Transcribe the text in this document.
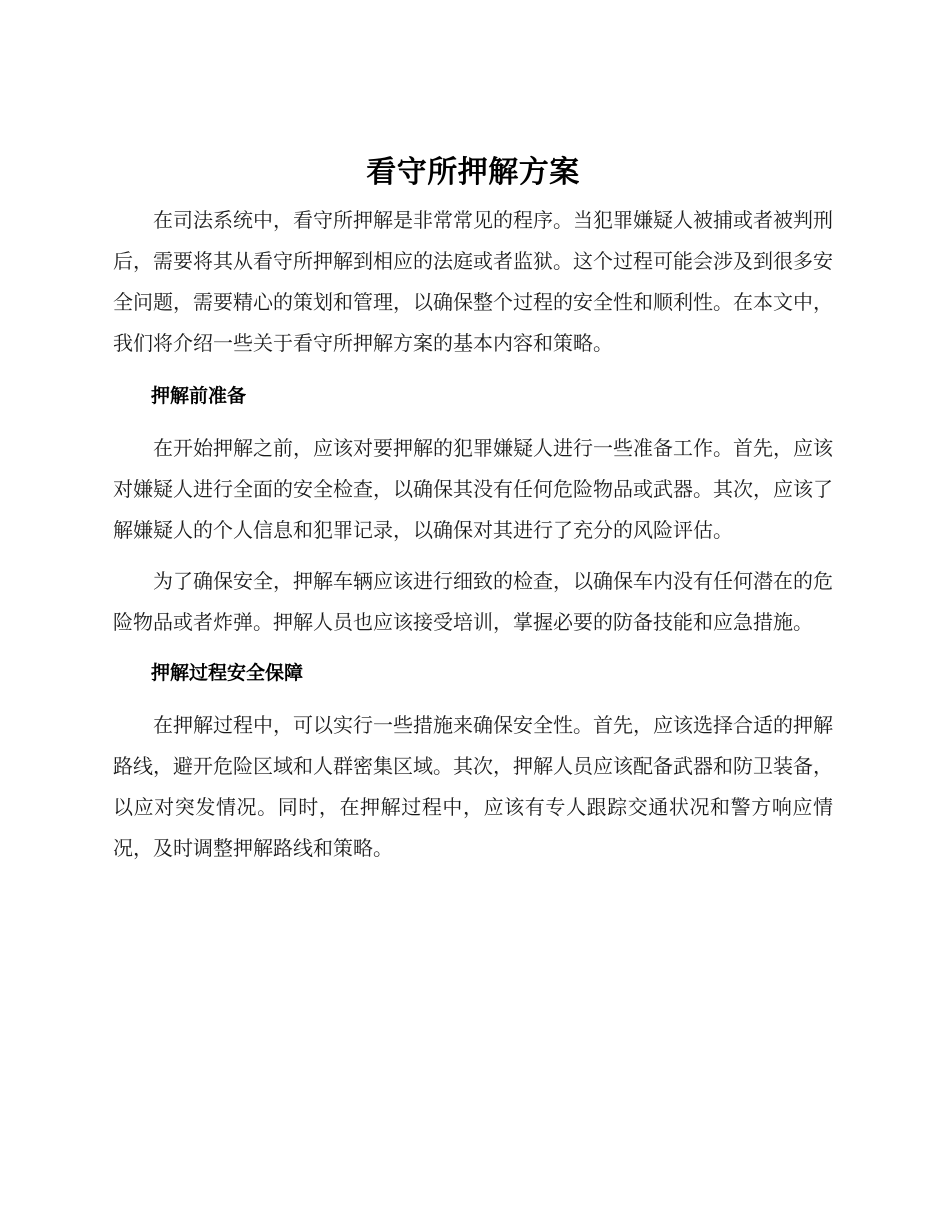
看守所押解方案

在司法系统中，看守所押解是非常常见的程序。当犯罪嫌疑人被捕或者被判刑后，需要将其从看守所押解到相应的法庭或者监狱。这个过程可能会涉及到很多安全问题，需要精心的策划和管理，以确保整个过程的安全性和顺利性。在本文中，我们将介绍一些关于看守所押解方案的基本内容和策略。

押解前准备

在开始押解之前，应该对要押解的犯罪嫌疑人进行一些准备工作。首先，应该对嫌疑人进行全面的安全检查，以确保其没有任何危险物品或武器。其次，应该了解嫌疑人的个人信息和犯罪记录，以确保对其进行了充分的风险评估。

为了确保安全，押解车辆应该进行细致的检查，以确保车内没有任何潜在的危险物品或者炸弹。押解人员也应该接受培训，掌握必要的防备技能和应急措施。

押解过程安全保障

在押解过程中，可以实行一些措施来确保安全性。首先，应该选择合适的押解路线，避开危险区域和人群密集区域。其次，押解人员应该配备武器和防卫装备，以应对突发情况。同时，在押解过程中，应该有专人跟踪交通状况和警方响应情况，及时调整押解路线和策略。
